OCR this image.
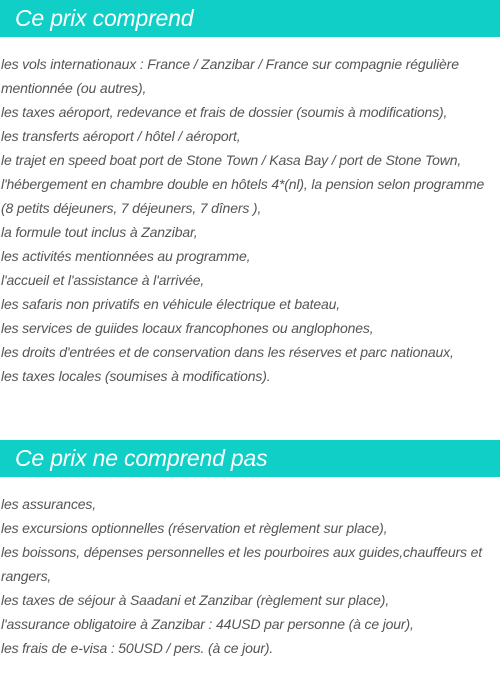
Ce prix comprend
les vols internationaux : France / Zanzibar / France sur compagnie régulière mentionnée (ou autres),
les taxes aéroport, redevance et frais de dossier (soumis à modifications),
les transferts aéroport / hôtel / aéroport,
le trajet en speed boat port de Stone Town / Kasa Bay / port de Stone Town,
l'hébergement en chambre double en hôtels 4*(nl), la pension selon programme (8 petits déjeuners, 7 déjeuners, 7 dîners ),
la formule tout inclus à Zanzibar,
les activités mentionnées au programme,
l'accueil et l'assistance à l'arrivée,
les safaris non privatifs en véhicule électrique et bateau,
les services de guiides locaux francophones ou anglophones,
les droits d'entrées et de conservation dans les réserves et parc nationaux,
les taxes locales (soumises à modifications).
Ce prix ne comprend pas
les assurances,
les excursions optionnelles (réservation et règlement sur place),
les boissons, dépenses personnelles et les pourboires aux guides,chauffeurs et rangers,
les taxes de séjour à Saadani et Zanzibar (règlement sur place),
l'assurance obligatoire à Zanzibar : 44USD par personne (à ce jour),
les frais de e-visa : 50USD / pers. (à ce jour).
